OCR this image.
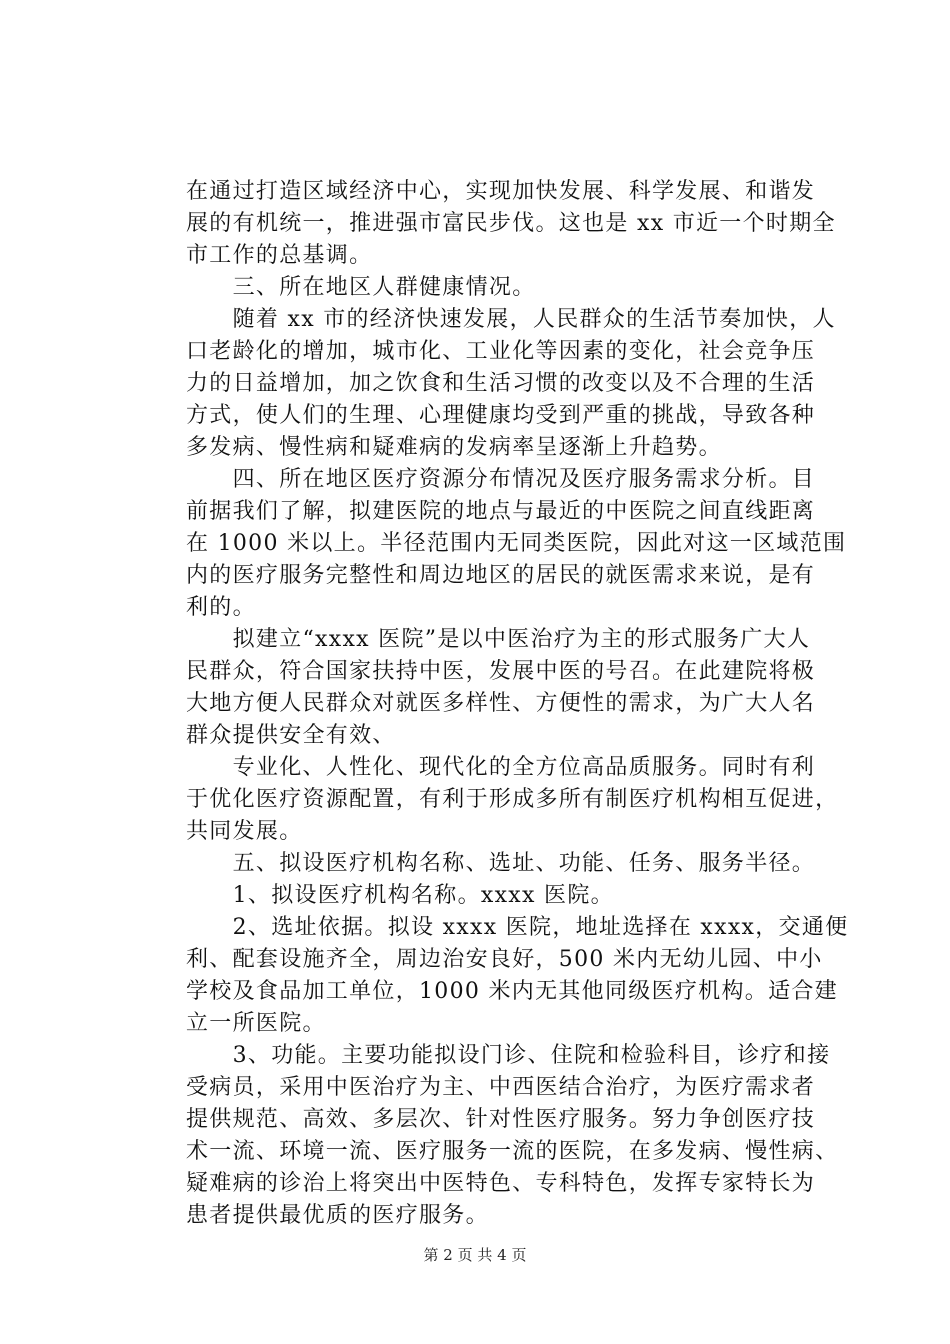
在通过打造区域经济中心，实现加快发展、科学发展、和谐发
展的有机统一，推进强市富民步伐。这也是 xx 市近一个时期全
市工作的总基调。
　　三、所在地区人群健康情况。
　　随着 xx 市的经济快速发展，人民群众的生活节奏加快，人
口老龄化的增加，城市化、工业化等因素的变化，社会竞争压
力的日益增加，加之饮食和生活习惯的改变以及不合理的生活
方式，使人们的生理、心理健康均受到严重的挑战，导致各种
多发病、慢性病和疑难病的发病率呈逐渐上升趋势。
　　四、所在地区医疗资源分布情况及医疗服务需求分析。目
前据我们了解，拟建医院的地点与最近的中医院之间直线距离
在 1000 米以上。半径范围内无同类医院，因此对这一区域范围
内的医疗服务完整性和周边地区的居民的就医需求来说，是有
利的。
　　拟建立“xxxx 医院”是以中医治疗为主的形式服务广大人
民群众，符合国家扶持中医，发展中医的号召。在此建院将极
大地方便人民群众对就医多样性、方便性的需求，为广大人名
群众提供安全有效、
　　专业化、人性化、现代化的全方位高品质服务。同时有利
于优化医疗资源配置，有利于形成多所有制医疗机构相互促进，
共同发展。
　　五、拟设医疗机构名称、选址、功能、任务、服务半径。
　　1、拟设医疗机构名称。xxxx 医院。
　　2、选址依据。拟设 xxxx 医院，地址选择在 xxxx，交通便
利、配套设施齐全，周边治安良好，500 米内无幼儿园、中小
学校及食品加工单位，1000 米内无其他同级医疗机构。适合建
立一所医院。
　　3、功能。主要功能拟设门诊、住院和检验科目，诊疗和接
受病员，采用中医治疗为主、中西医结合治疗，为医疗需求者
提供规范、高效、多层次、针对性医疗服务。努力争创医疗技
术一流、环境一流、医疗服务一流的医院，在多发病、慢性病、
疑难病的诊治上将突出中医特色、专科特色，发挥专家特长为
患者提供最优质的医疗服务。
第 2 页 共 4 页
